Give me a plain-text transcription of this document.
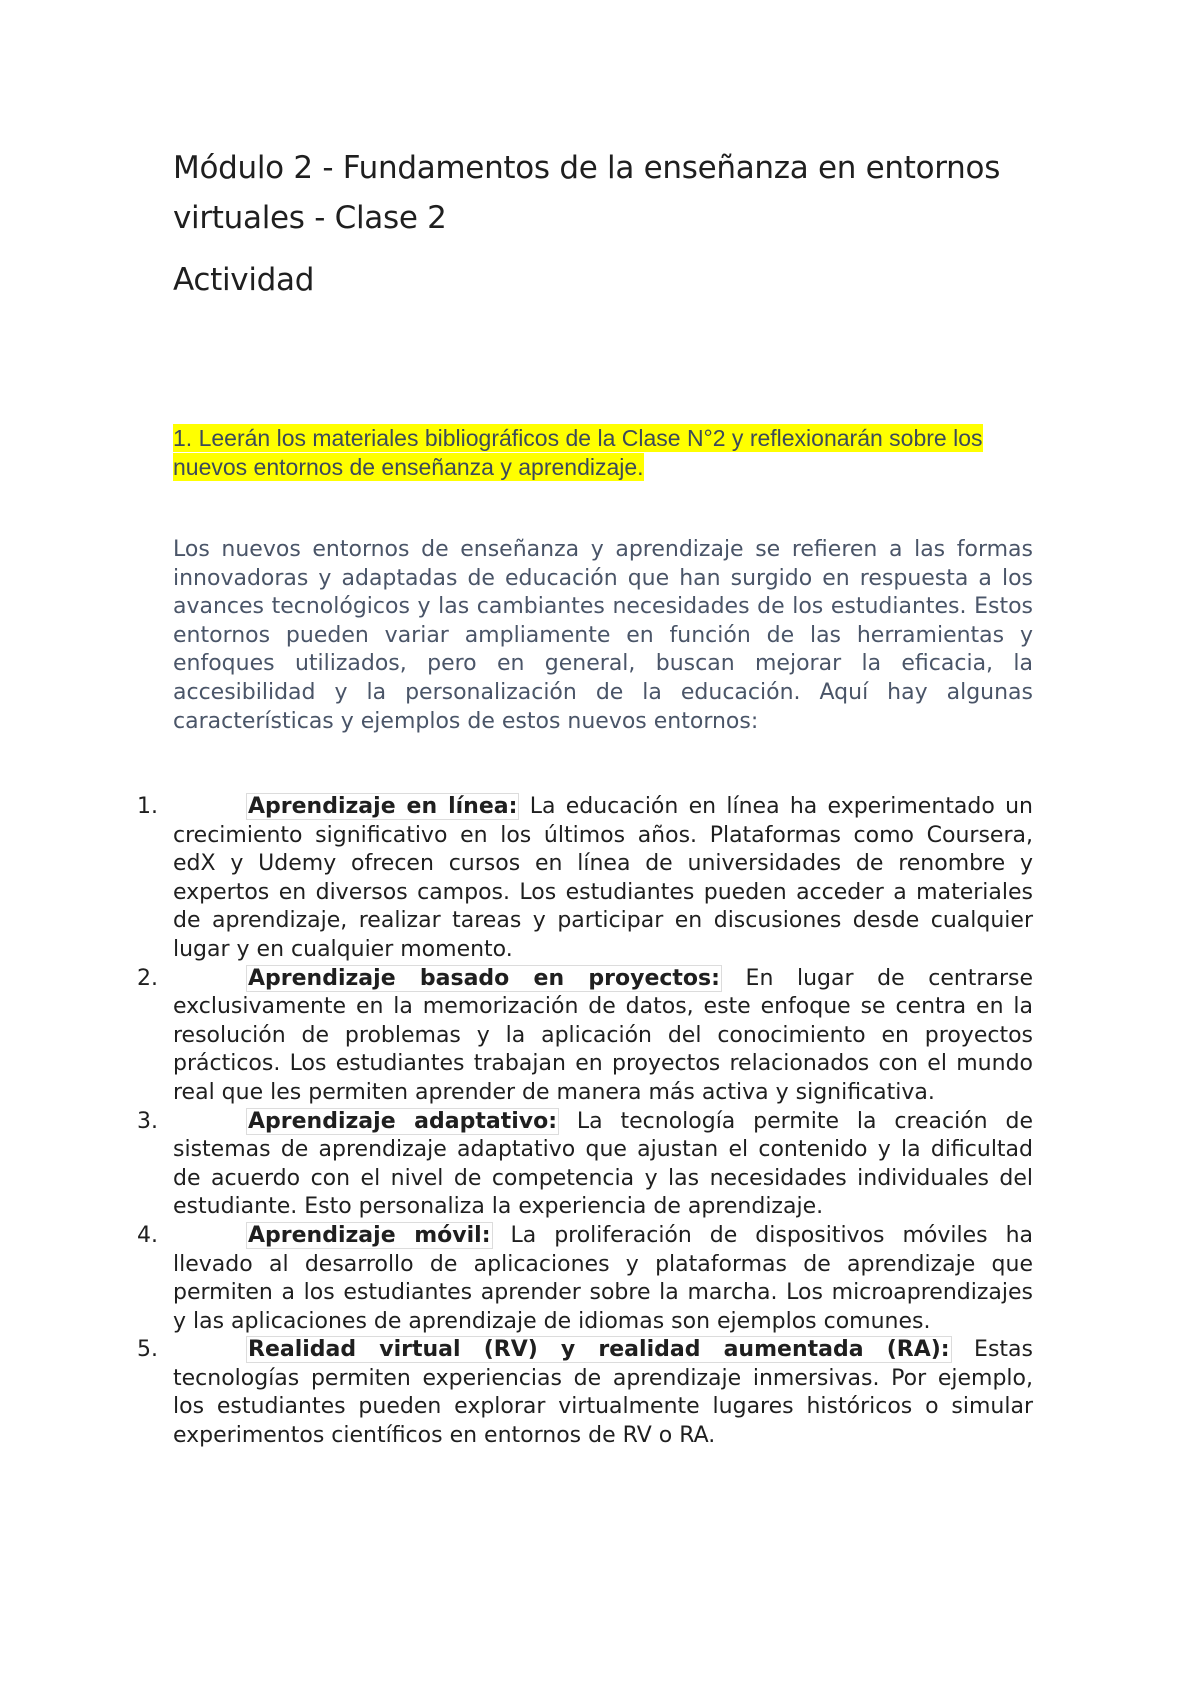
Módulo 2 - Fundamentos de la enseñanza en entornos virtuales - Clase 2
Actividad
1. Leerán los materiales bibliográficos de la Clase N°2 y reflexionarán sobre los nuevos entornos de enseñanza y aprendizaje.
Los nuevos entornos de enseñanza y aprendizaje se refieren a las formas innovadoras y adaptadas de educación que han surgido en respuesta a los avances tecnológicos y las cambiantes necesidades de los estudiantes. Estos entornos pueden variar ampliamente en función de las herramientas y enfoques utilizados, pero en general, buscan mejorar la eficacia, la accesibilidad y la personalización de la educación. Aquí hay algunas características y ejemplos de estos nuevos entornos:
1.	Aprendizaje en línea: La educación en línea ha experimentado un crecimiento significativo en los últimos años. Plataformas como Coursera, edX y Udemy ofrecen cursos en línea de universidades de renombre y expertos en diversos campos. Los estudiantes pueden acceder a materiales de aprendizaje, realizar tareas y participar en discusiones desde cualquier lugar y en cualquier momento.
2.	Aprendizaje basado en proyectos: En lugar de centrarse exclusivamente en la memorización de datos, este enfoque se centra en la resolución de problemas y la aplicación del conocimiento en proyectos prácticos. Los estudiantes trabajan en proyectos relacionados con el mundo real que les permiten aprender de manera más activa y significativa.
3.	Aprendizaje adaptativo: La tecnología permite la creación de sistemas de aprendizaje adaptativo que ajustan el contenido y la dificultad de acuerdo con el nivel de competencia y las necesidades individuales del estudiante. Esto personaliza la experiencia de aprendizaje.
4.	Aprendizaje móvil: La proliferación de dispositivos móviles ha llevado al desarrollo de aplicaciones y plataformas de aprendizaje que permiten a los estudiantes aprender sobre la marcha. Los microaprendizajes y las aplicaciones de aprendizaje de idiomas son ejemplos comunes.
5.	Realidad virtual (RV) y realidad aumentada (RA): Estas tecnologías permiten experiencias de aprendizaje inmersivas. Por ejemplo, los estudiantes pueden explorar virtualmente lugares históricos o simular experimentos científicos en entornos de RV o RA.
